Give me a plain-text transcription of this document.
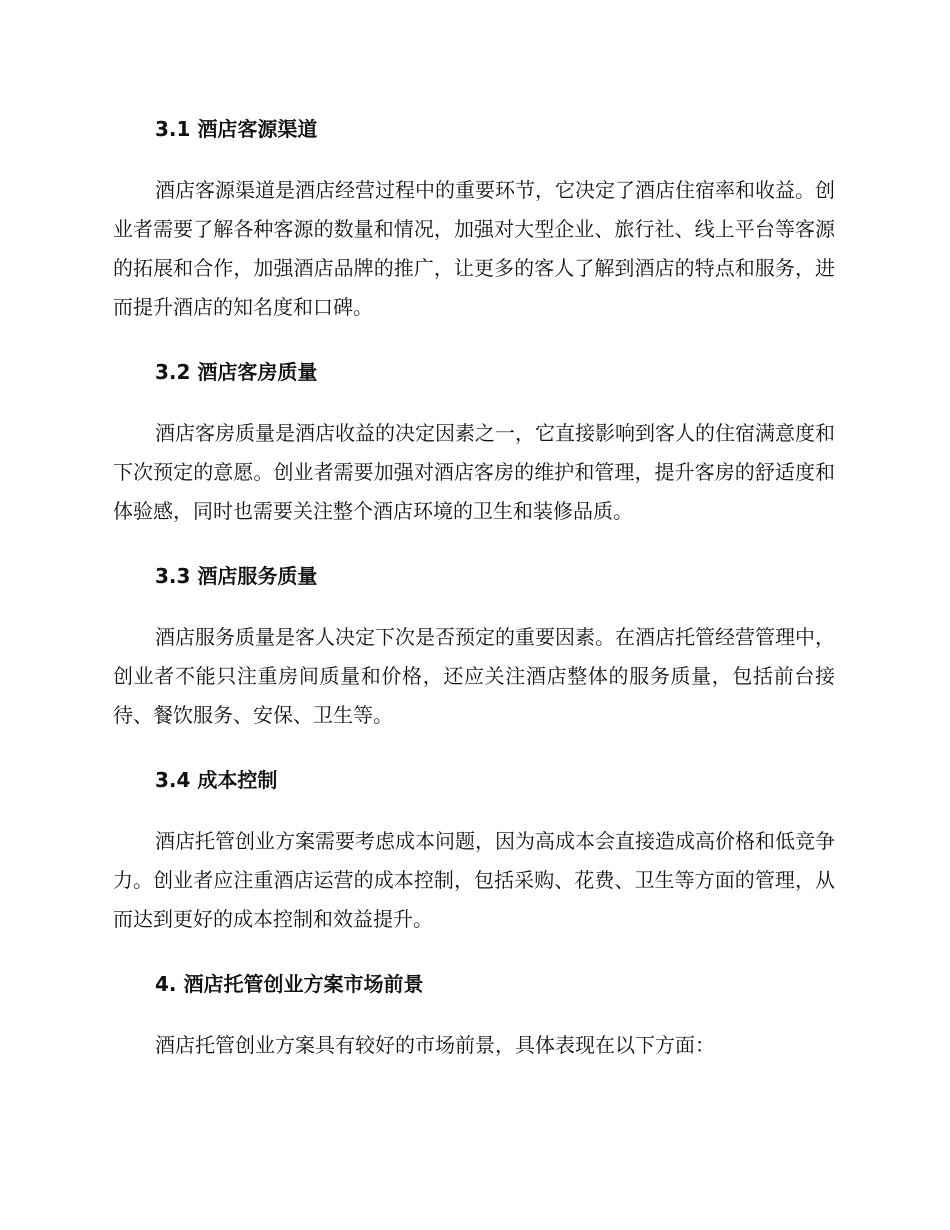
3.1 酒店客源渠道

酒店客源渠道是酒店经营过程中的重要环节，它决定了酒店住宿率和收益。创业者需要了解各种客源的数量和情况，加强对大型企业、旅行社、线上平台等客源的拓展和合作，加强酒店品牌的推广，让更多的客人了解到酒店的特点和服务，进而提升酒店的知名度和口碑。

3.2 酒店客房质量

酒店客房质量是酒店收益的决定因素之一，它直接影响到客人的住宿满意度和下次预定的意愿。创业者需要加强对酒店客房的维护和管理，提升客房的舒适度和体验感，同时也需要关注整个酒店环境的卫生和装修品质。

3.3 酒店服务质量

酒店服务质量是客人决定下次是否预定的重要因素。在酒店托管经营管理中，创业者不能只注重房间质量和价格，还应关注酒店整体的服务质量，包括前台接待、餐饮服务、安保、卫生等。

3.4 成本控制

酒店托管创业方案需要考虑成本问题，因为高成本会直接造成高价格和低竞争力。创业者应注重酒店运营的成本控制，包括采购、花费、卫生等方面的管理，从而达到更好的成本控制和效益提升。

4. 酒店托管创业方案市场前景

酒店托管创业方案具有较好的市场前景，具体表现在以下方面：
